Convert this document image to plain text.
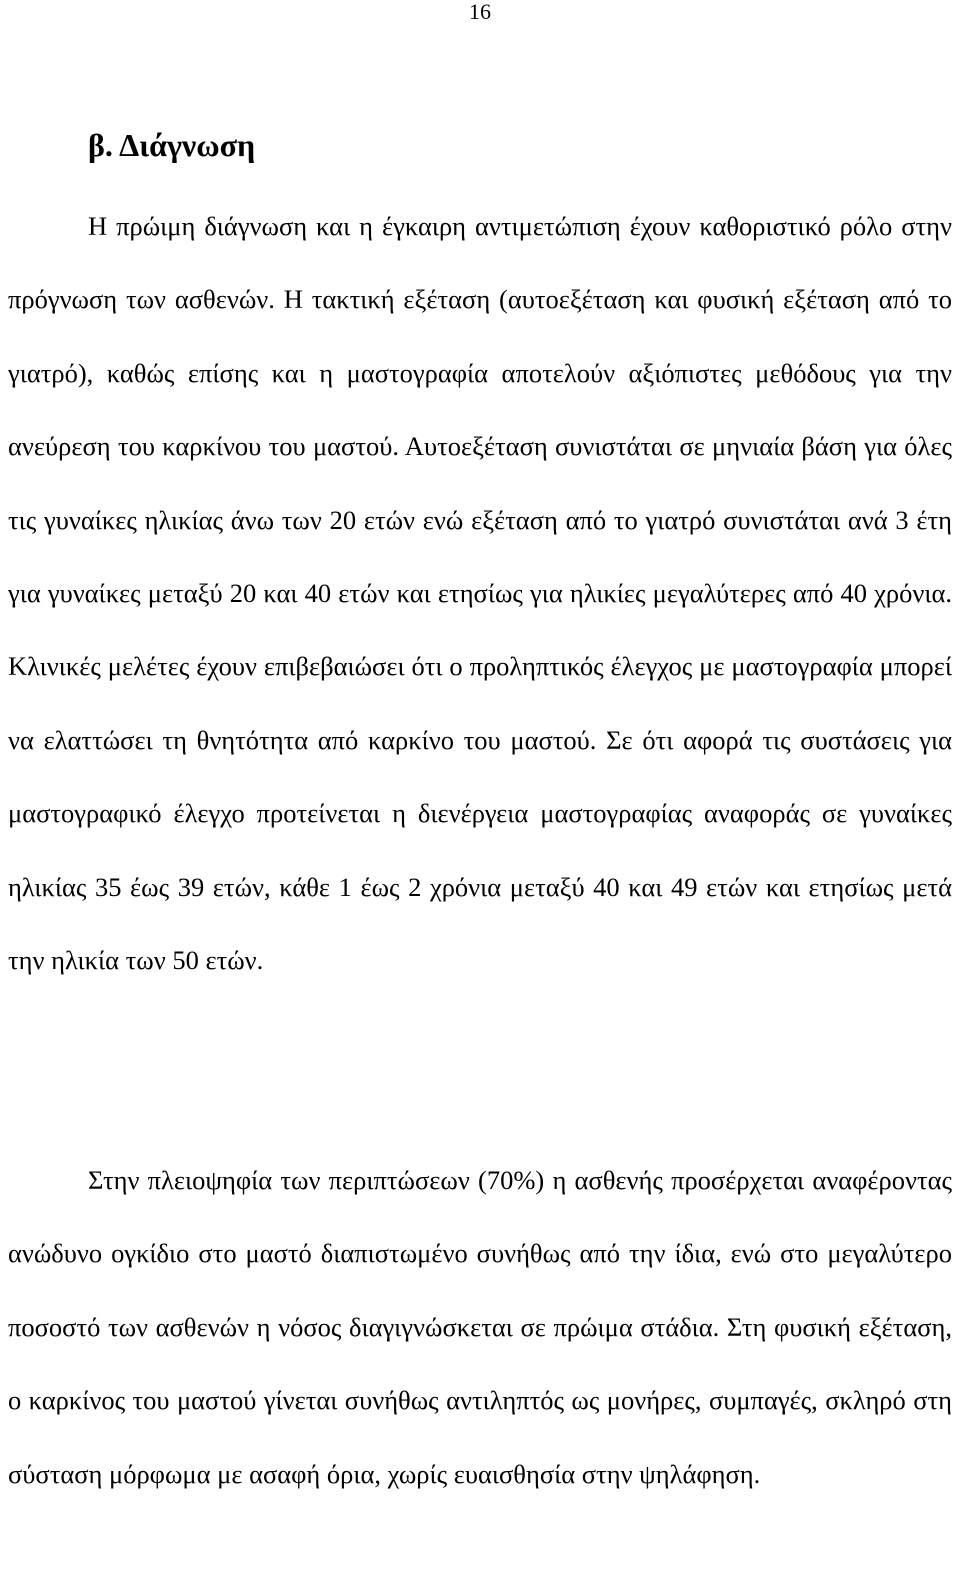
16
β. Διάγνωση

Η πρώιμη διάγνωση και η έγκαιρη αντιμετώπιση έχουν καθοριστικό ρόλο στην πρόγνωση των ασθενών. Η τακτική εξέταση (αυτοεξέταση και φυσική εξέταση από το γιατρό), καθώς επίσης και η μαστογραφία αποτελούν αξιόπιστες μεθόδους για την ανεύρεση του καρκίνου του μαστού. Αυτοεξέταση συνιστάται σε μηνιαία βάση για όλες τις γυναίκες ηλικίας άνω των 20 ετών ενώ εξέταση από το γιατρό συνιστάται ανά 3 έτη για γυναίκες μεταξύ 20 και 40 ετών και ετησίως για ηλικίες μεγαλύτερες από 40 χρόνια. Κλινικές μελέτες έχουν επιβεβαιώσει ότι ο προληπτικός έλεγχος με μαστογραφία μπορεί να ελαττώσει τη θνητότητα από καρκίνο του μαστού. Σε ότι αφορά τις συστάσεις για μαστογραφικό έλεγχο προτείνεται η διενέργεια μαστογραφίας αναφοράς σε γυναίκες ηλικίας 35 έως 39 ετών, κάθε 1 έως 2 χρόνια μεταξύ 40 και 49 ετών και ετησίως μετά την ηλικία των 50 ετών.

Στην πλειοψηφία των περιπτώσεων (70%) η ασθενής προσέρχεται αναφέροντας ανώδυνο ογκίδιο στο μαστό διαπιστωμένο συνήθως από την ίδια, ενώ στο μεγαλύτερο ποσοστό των ασθενών η νόσος διαγιγνώσκεται σε πρώιμα στάδια. Στη φυσική εξέταση, ο καρκίνος του μαστού γίνεται συνήθως αντιληπτός ως μονήρες, συμπαγές, σκληρό στη σύσταση μόρφωμα με ασαφή όρια, χωρίς ευαισθησία στην ψηλάφηση.
